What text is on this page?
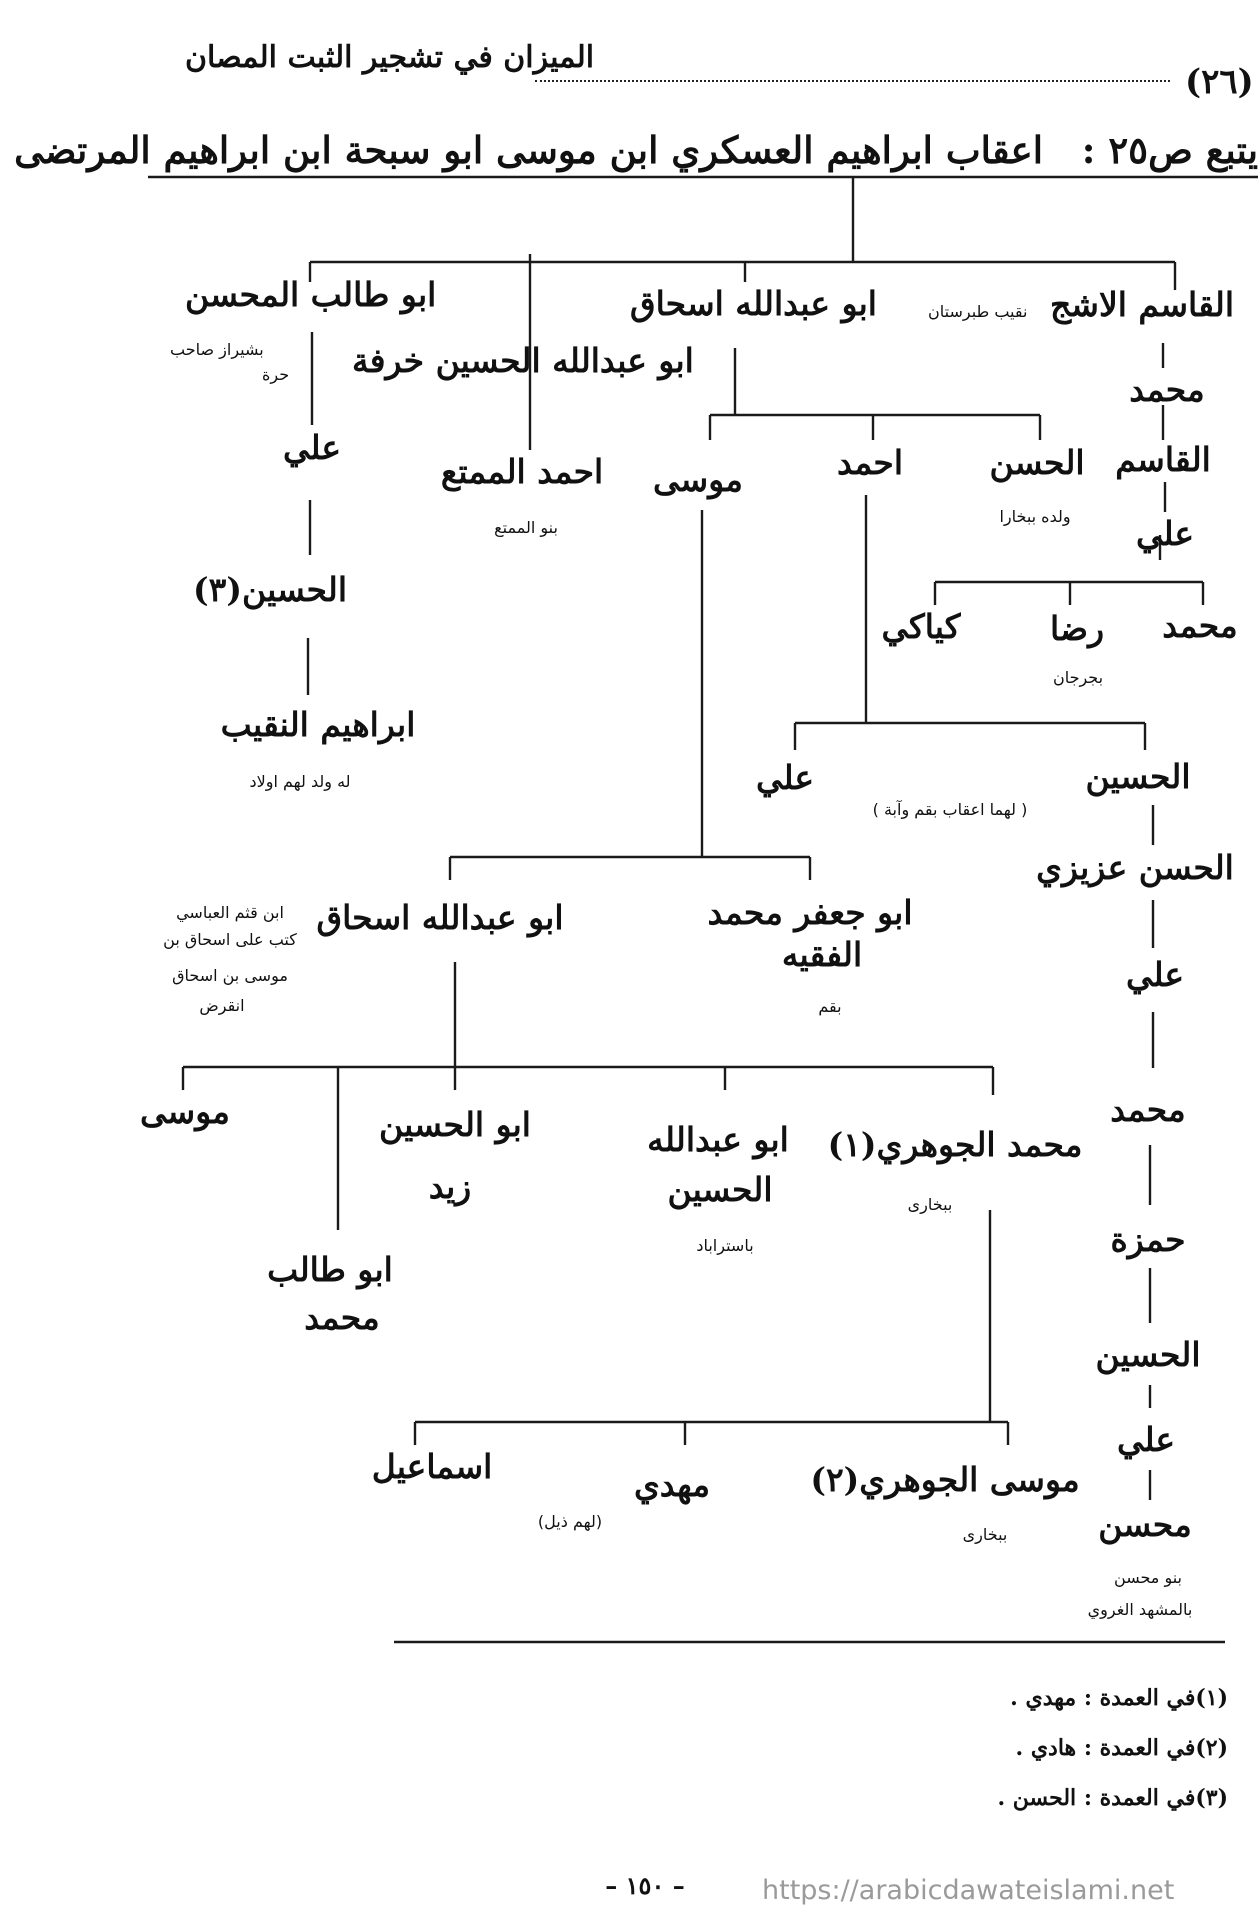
(٢٦)
الميزان في تشجير الثبت المصان
يتبع ص٢٥ :
اعقاب ابراهيم العسكري ابن موسى ابو سبحة ابن ابراهيم المرتضى
القاسم الاشج
نقيب طبرستان
ابو عبدالله اسحاق
ابو عبدالله الحسين خرفة
ابو طالب المحسن
بشيراز صاحب
حرة	محمد
القاسم
علي
محمد
رضا
بجرجان
كياكي
الحسن
ولده ببخارا
احمد
موسى
احمد الممتع
بنو الممتع
علي
الحسين(٣)
ابراهيم النقيب
له ولد لهم اولاد	الحسين
علي
( لهما اعقاب بقم وآبة )
الحسن عزيزي
علي
محمد
حمزة
الحسين
علي
محسن
بنو محسن
بالمشهد الغروي
ابو جعفر محمد
الفقيه
بقم
ابو عبدالله اسحاق
ابن قثم العباسي
كتب على اسحاق بن
موسى بن اسحاق
انقرض
محمد الجوهري(١)
ببخارى
ابو عبدالله
الحسين
باستراباد
ابو الحسين
زيد
موسى
ابو طالب
محمد
موسى الجوهري(٢)
ببخارى
مهدي
(لهم ذيل)
اسماعيل
(١)في العمدة : مهدي .
(٢)في العمدة : هادي .
(٣)في العمدة : الحسن .
– ١٥٠ –	https://arabicdawateislami.net
